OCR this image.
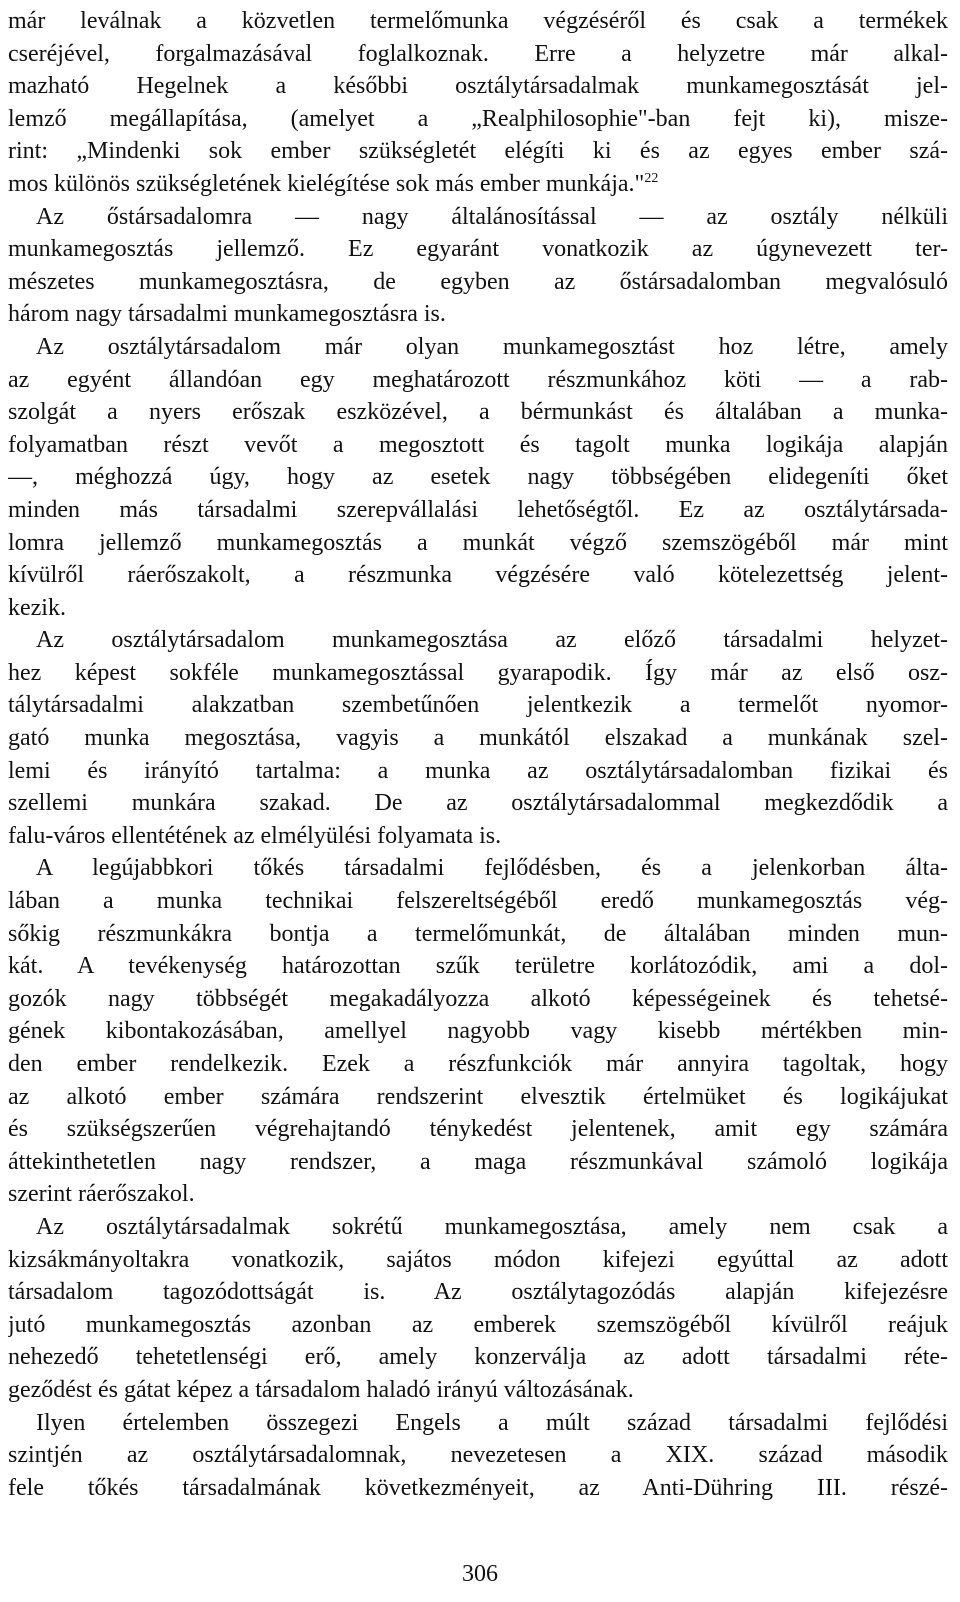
már leválnak a közvetlen termelőmunka végzéséről és csak a termékek
cseréjével, forgalmazásával foglalkoznak. Erre a helyzetre már alkal-
mazható Hegelnek a későbbi osztálytársadalmak munkamegosztását jel-
lemző megállapítása, (amelyet a „Realphilosophie"-ban fejt ki), misze-
rint: „Mindenki sok ember szükségletét elégíti ki és az egyes ember szá-
mos különös szükségletének kielégítése sok más ember munkája."$^{22}$
Az őstársadalomra — nagy általánosítással — az osztály nélküli
munkamegosztás jellemző. Ez egyaránt vonatkozik az úgynevezett ter-
mészetes munkamegosztásra, de egyben az őstársadalomban megvalósuló
három nagy társadalmi munkamegosztásra is.
Az osztálytársadalom már olyan munkamegosztást hoz létre, amely
az egyént állandóan egy meghatározott részmunkához köti — a rab-
szolgát a nyers erőszak eszközével, a bérmunkást és általában a munka-
folyamatban részt vevőt a megosztott és tagolt munka logikája alapján
—, méghozzá úgy, hogy az esetek nagy többségében elidegeníti őket
minden más társadalmi szerepvállalási lehetőségtől. Ez az osztálytársada-
lomra jellemző munkamegosztás a munkát végző szemszögéből már mint
kívülről ráerőszakolt, a részmunka végzésére való kötelezettség jelent-
kezik.
Az osztálytársadalom munkamegosztása az előző társadalmi helyzet-
hez képest sokféle munkamegosztással gyarapodik. Így már az első osz-
tálytársadalmi alakzatban szembetűnően jelentkezik a termelőt nyomor-
gató munka megosztása, vagyis a munkától elszakad a munkának szel-
lemi és irányító tartalma: a munka az osztálytársadalomban fizikai és
szellemi munkára szakad. De az osztálytársadalommal megkezdődik a
falu-város ellentétének az elmélyülési folyamata is.
A legújabbkori tőkés társadalmi fejlődésben, és a jelenkorban álta-
lában a munka technikai felszereltségéből eredő munkamegosztás vég-
sőkig részmunkákra bontja a termelőmunkát, de általában minden mun-
kát. A tevékenység határozottan szűk területre korlátozódik, ami a dol-
gozók nagy többségét megakadályozza alkotó képességeinek és tehetsé-
gének kibontakozásában, amellyel nagyobb vagy kisebb mértékben min-
den ember rendelkezik. Ezek a részfunkciók már annyira tagoltak, hogy
az alkotó ember számára rendszerint elvesztik értelmüket és logikájukat
és szükségszerűen végrehajtandó ténykedést jelentenek, amit egy számára
áttekinthetetlen nagy rendszer, a maga részmunkával számoló logikája
szerint ráerőszakol.
Az osztálytársadalmak sokrétű munkamegosztása, amely nem csak a
kizsákmányoltakra vonatkozik, sajátos módon kifejezi egyúttal az adott
társadalom tagozódottságát is. Az osztálytagozódás alapján kifejezésre
jutó munkamegosztás azonban az emberek szemszögéből kívülről reájuk
nehezedő tehetetlenségi erő, amely konzerválja az adott társadalmi réte-
geződést és gátat képez a társadalom haladó irányú változásának.
Ilyen értelemben összegezi Engels a múlt század társadalmi fejlődési
szintjén az osztálytársadalomnak, nevezetesen a XIX. század második
fele tőkés társadalmának következményeit, az Anti-Dühring III. részé-
306
